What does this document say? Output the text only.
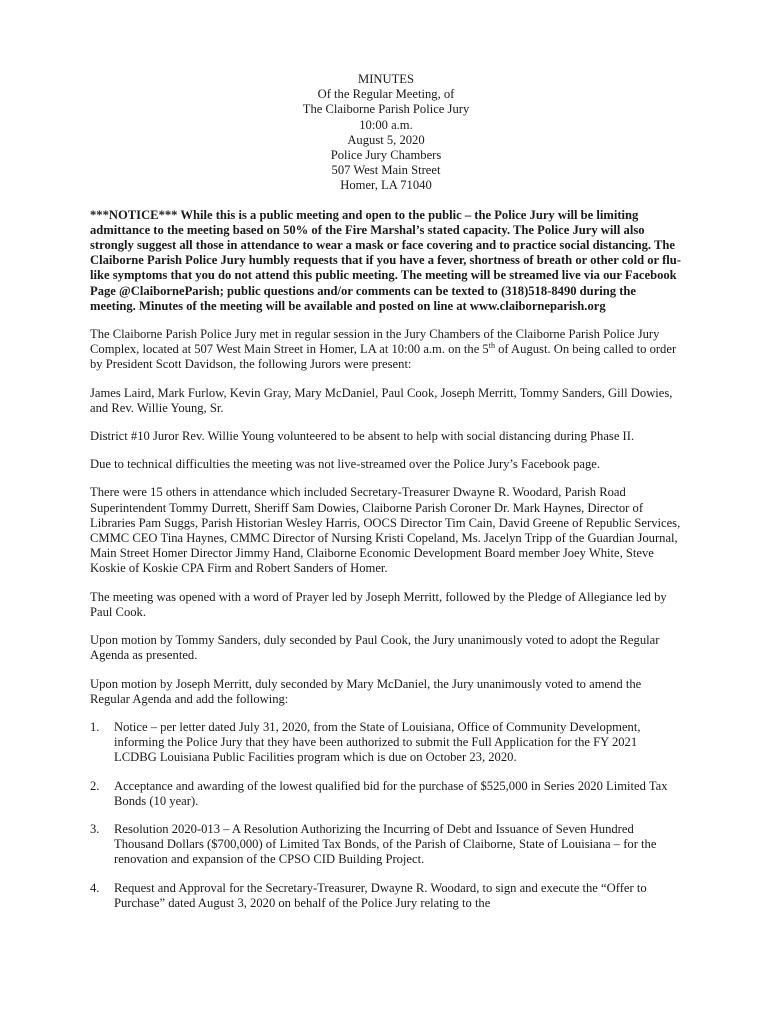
MINUTES
Of the Regular Meeting, of
The Claiborne Parish Police Jury
10:00 a.m.
August 5, 2020
Police Jury Chambers
507 West Main Street
Homer, LA 71040

***NOTICE*** While this is a public meeting and open to the public – the Police Jury will be limiting admittance to the meeting based on 50% of the Fire Marshal’s stated capacity. The Police Jury will also strongly suggest all those in attendance to wear a mask or face covering and to practice social distancing. The Claiborne Parish Police Jury humbly requests that if you have a fever, shortness of breath or other cold or flu-like symptoms that you do not attend this public meeting. The meeting will be streamed live via our Facebook Page @ClaiborneParish; public questions and/or comments can be texted to (318)518-8490 during the meeting. Minutes of the meeting will be available and posted on line at www.claiborneparish.org

The Claiborne Parish Police Jury met in regular session in the Jury Chambers of the Claiborne Parish Police Jury Complex, located at 507 West Main Street in Homer, LA at 10:00 a.m. on the 5th of August. On being called to order by President Scott Davidson, the following Jurors were present:

James Laird, Mark Furlow, Kevin Gray, Mary McDaniel, Paul Cook, Joseph Merritt, Tommy Sanders, Gill Dowies, and Rev. Willie Young, Sr.

District #10 Juror Rev. Willie Young volunteered to be absent to help with social distancing during Phase II.

Due to technical difficulties the meeting was not live-streamed over the Police Jury’s Facebook page.

There were 15 others in attendance which included Secretary-Treasurer Dwayne R. Woodard, Parish Road Superintendent Tommy Durrett, Sheriff Sam Dowies, Claiborne Parish Coroner Dr. Mark Haynes, Director of Libraries Pam Suggs, Parish Historian Wesley Harris, OOCS Director Tim Cain, David Greene of Republic Services, CMMC CEO Tina Haynes, CMMC Director of Nursing Kristi Copeland, Ms. Jacelyn Tripp of the Guardian Journal, Main Street Homer Director Jimmy Hand, Claiborne Economic Development Board member Joey White, Steve Koskie of Koskie CPA Firm and Robert Sanders of Homer.

The meeting was opened with a word of Prayer led by Joseph Merritt, followed by the Pledge of Allegiance led by Paul Cook.

Upon motion by Tommy Sanders, duly seconded by Paul Cook, the Jury unanimously voted to adopt the Regular Agenda as presented.

Upon motion by Joseph Merritt, duly seconded by Mary McDaniel, the Jury unanimously voted to amend the Regular Agenda and add the following:

1. Notice – per letter dated July 31, 2020, from the State of Louisiana, Office of Community Development, informing the Police Jury that they have been authorized to submit the Full Application for the FY 2021 LCDBG Louisiana Public Facilities program which is due on October 23, 2020.
2. Acceptance and awarding of the lowest qualified bid for the purchase of $525,000 in Series 2020 Limited Tax Bonds (10 year).
3. Resolution 2020-013 – A Resolution Authorizing the Incurring of Debt and Issuance of Seven Hundred Thousand Dollars ($700,000) of Limited Tax Bonds, of the Parish of Claiborne, State of Louisiana – for the renovation and expansion of the CPSO CID Building Project.
4. Request and Approval for the Secretary-Treasurer, Dwayne R. Woodard, to sign and execute the “Offer to Purchase” dated August 3, 2020 on behalf of the Police Jury relating to the
